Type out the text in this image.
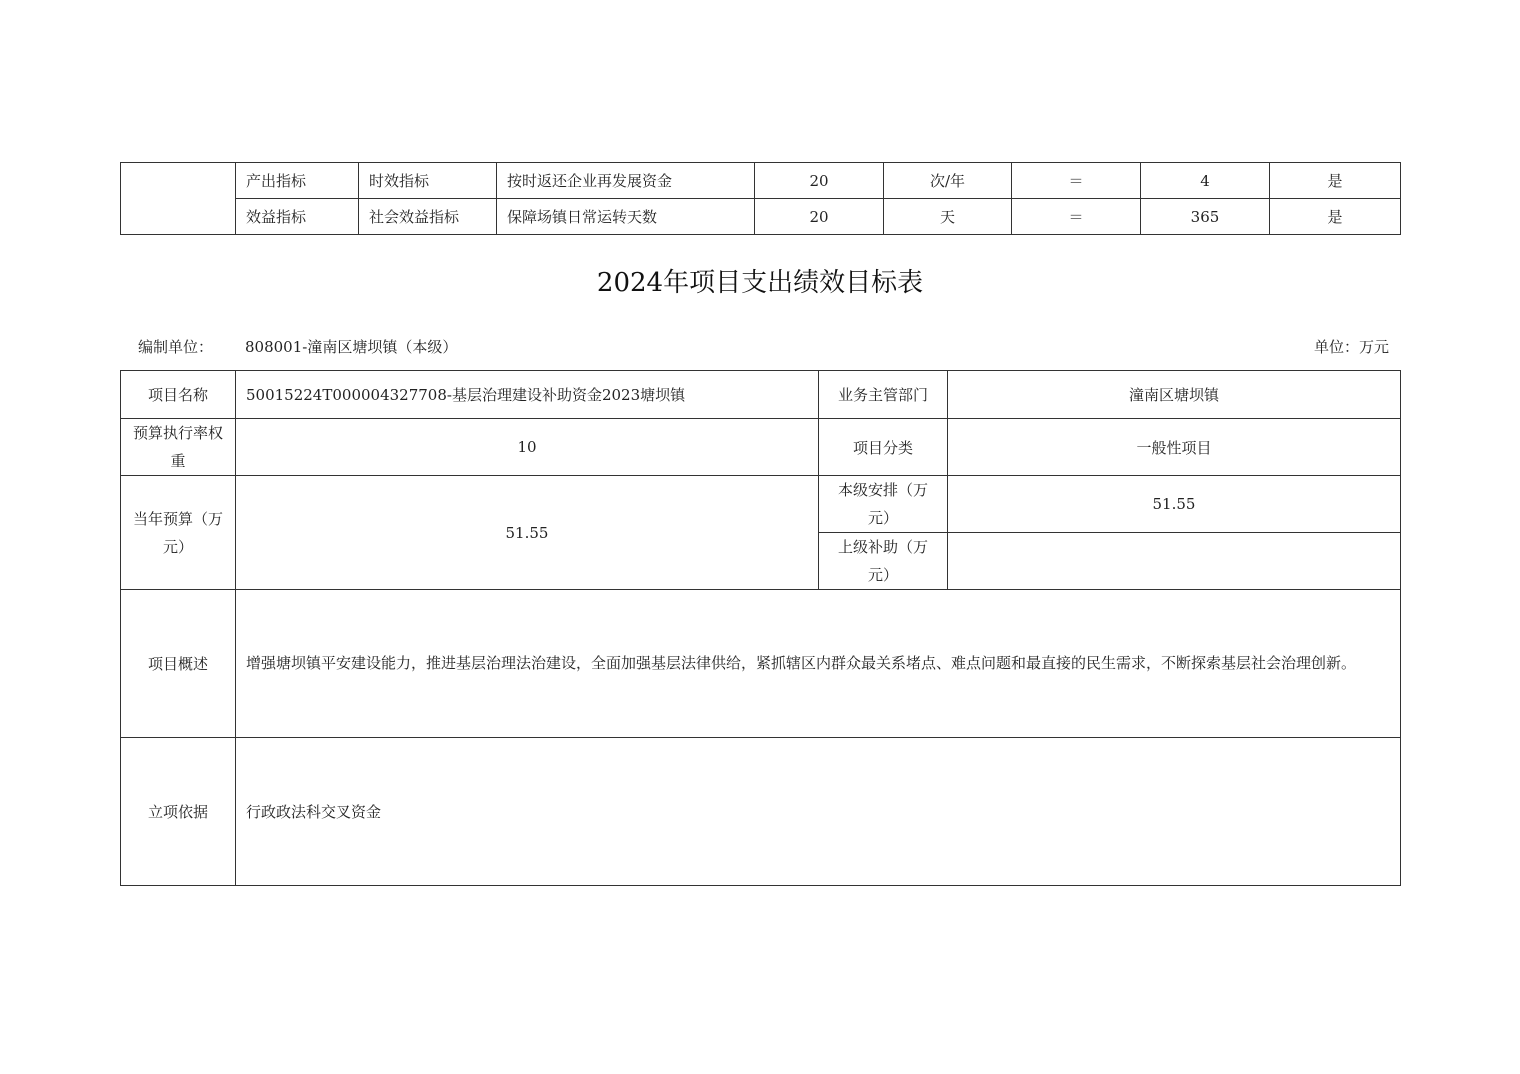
	产出指标	时效指标	按时返还企业再发展资金	20	次/年	＝	4	是
	效益指标	社会效益指标	保障场镇日常运转天数	20	天	＝	365	是
2024年项目支出绩效目标表
编制单位： 808001-潼南区塘坝镇（本级）	单位：万元
项目名称	50015224T000004327708-基层治理建设补助资金2023塘坝镇	业务主管部门	潼南区塘坝镇
预算执行率权重	10	项目分类	一般性项目
当年预算（万元）	51.55	本级安排（万元）	51.55
		上级补助（万元）	
项目概述	增强塘坝镇平安建设能力，推进基层治理法治建设，全面加强基层法律供给，紧抓辖区内群众最关系堵点、难点问题和最直接的民生需求，不断探索基层社会治理创新。		
立项依据	行政政法科交叉资金		
